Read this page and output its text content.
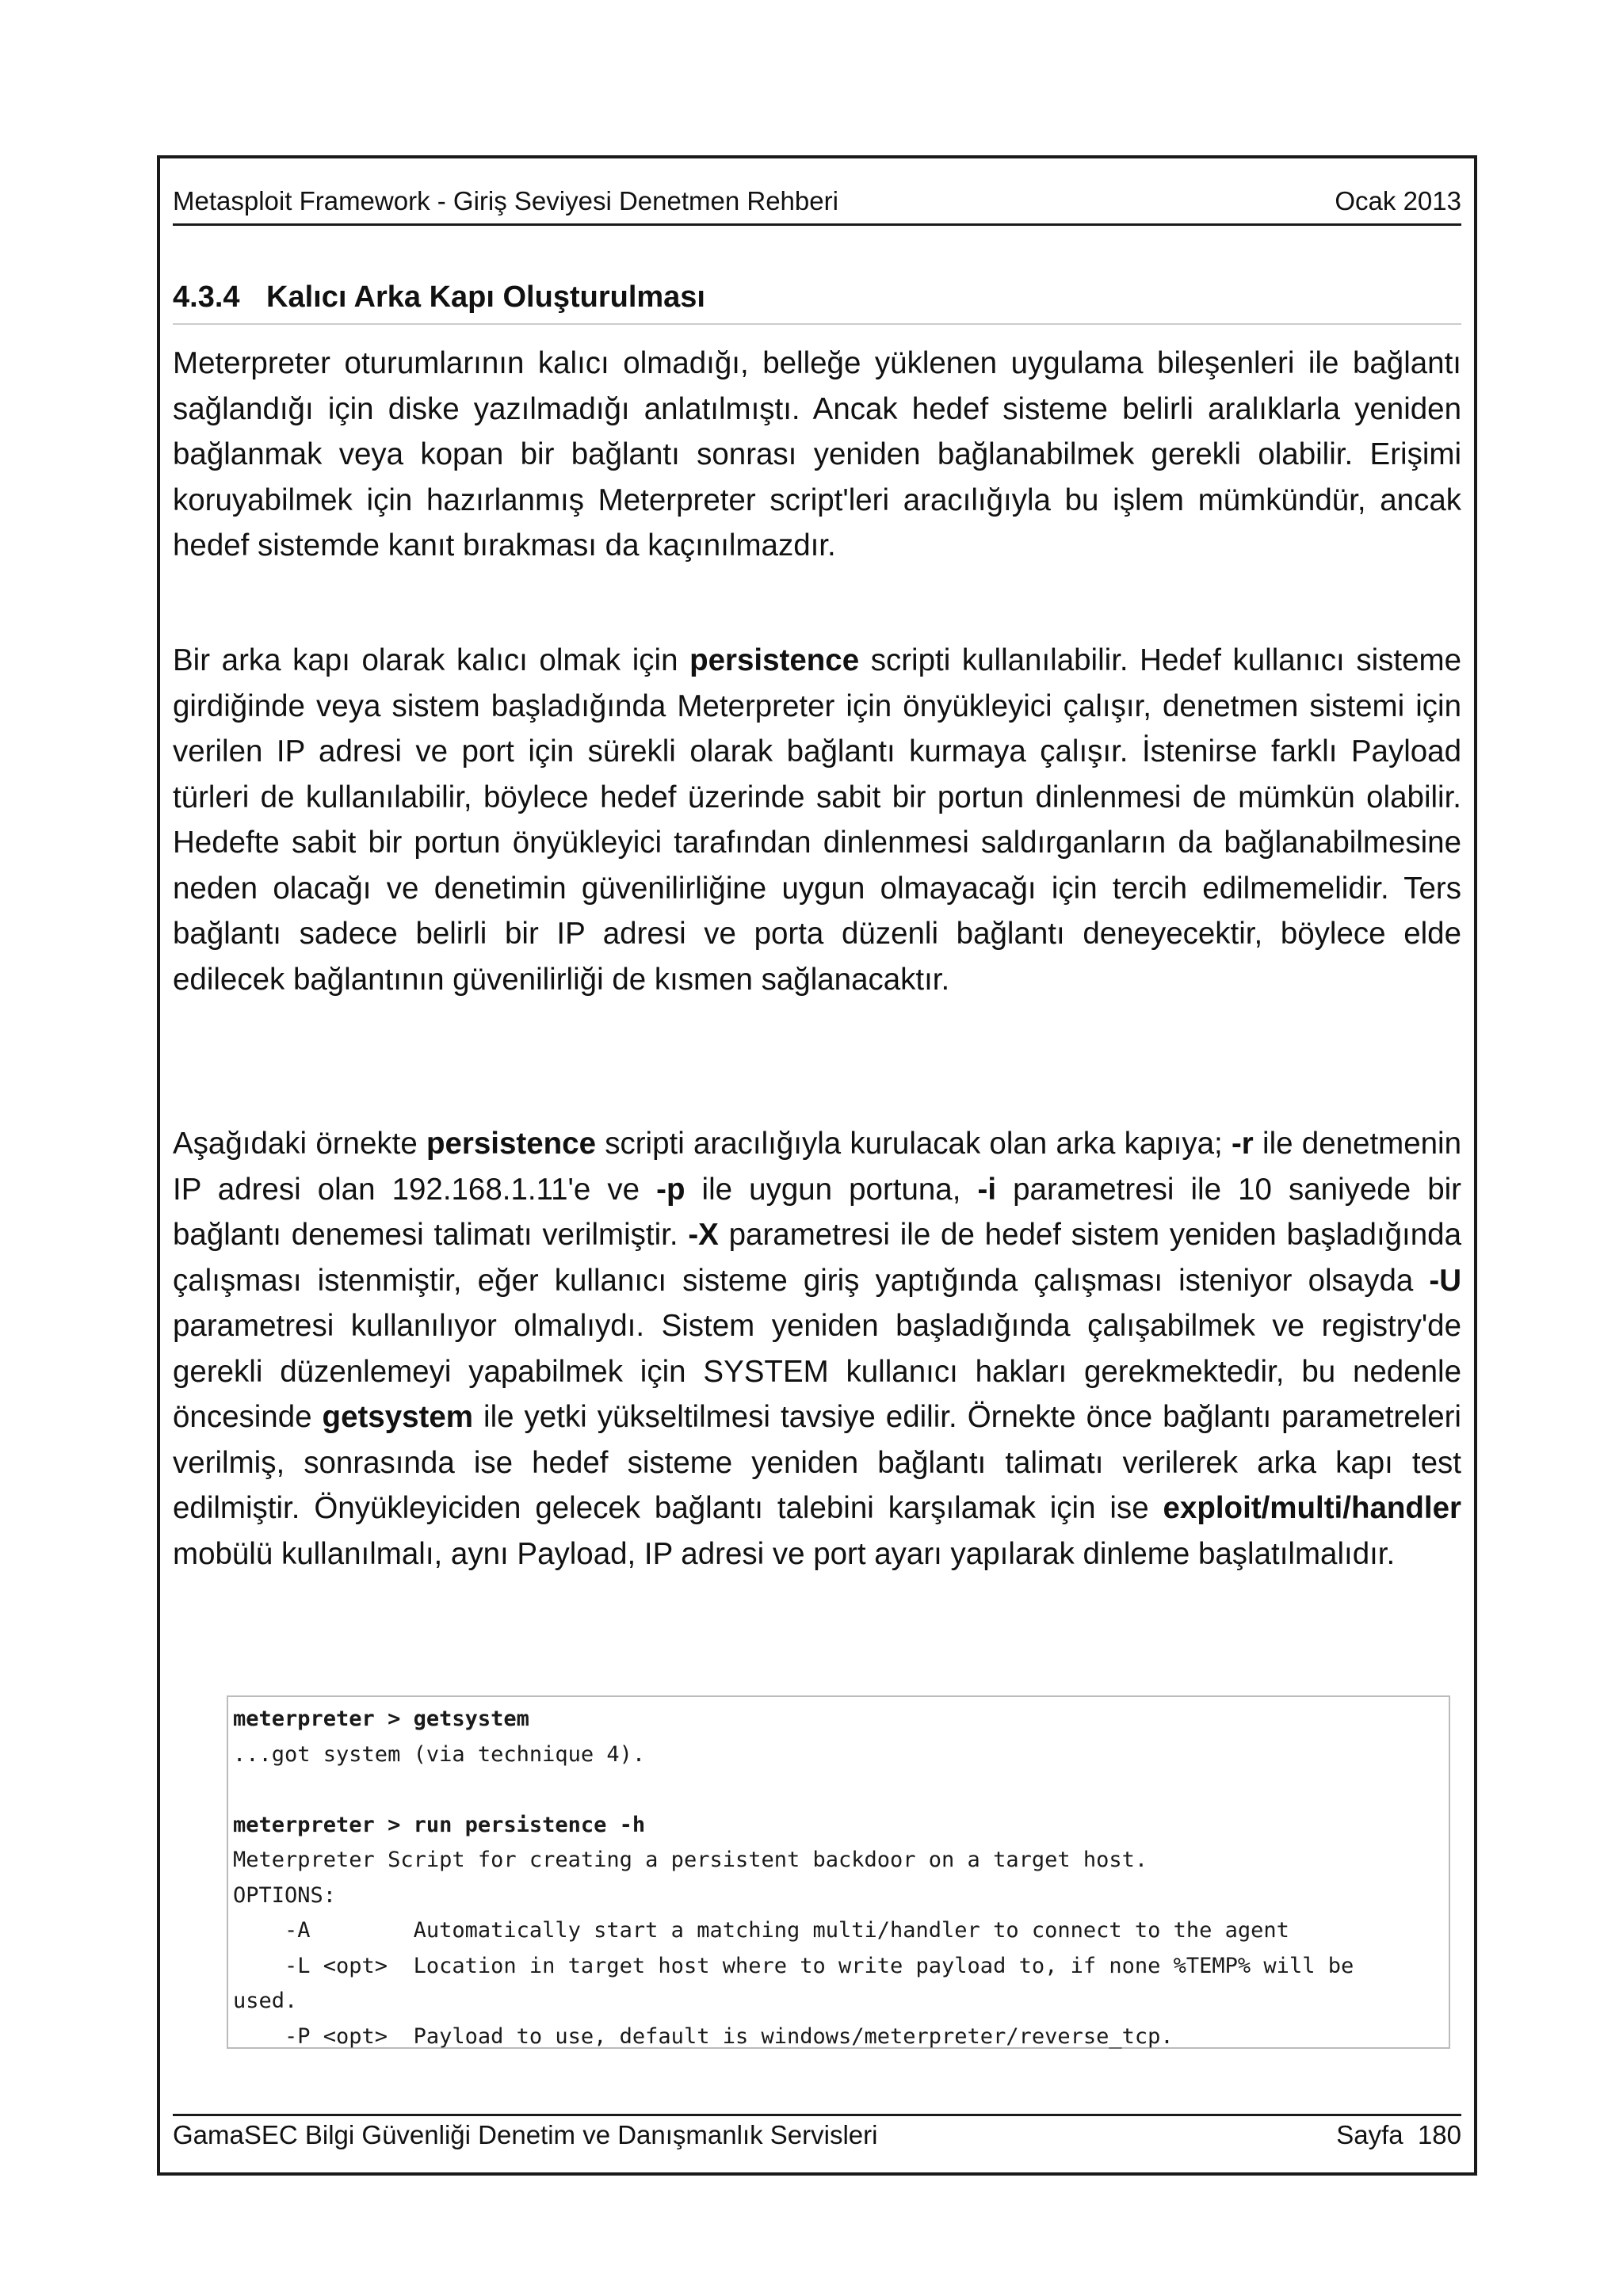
Metasploit Framework - Giriş Seviyesi Denetmen Rehberi	Ocak 2013
4.3.4 Kalıcı Arka Kapı Oluşturulması

Meterpreter oturumlarının kalıcı olmadığı, belleğe yüklenen uygulama bileşenleri ile bağlantı sağlandığı için diske yazılmadığı anlatılmıştı. Ancak hedef sisteme belirli aralıklarla yeniden bağlanmak veya kopan bir bağlantı sonrası yeniden bağlanabilmek gerekli olabilir. Erişimi koruyabilmek için hazırlanmış Meterpreter script'leri aracılığıyla bu işlem mümkündür, ancak hedef sistemde kanıt bırakması da kaçınılmazdır.

Bir arka kapı olarak kalıcı olmak için persistence scripti kullanılabilir. Hedef kullanıcı sisteme girdiğinde veya sistem başladığında Meterpreter için önyükleyici çalışır, denetmen sistemi için verilen IP adresi ve port için sürekli olarak bağlantı kurmaya çalışır. İstenirse farklı Payload türleri de kullanılabilir, böylece hedef üzerinde sabit bir portun dinlenmesi de mümkün olabilir. Hedefte sabit bir portun önyükleyici tarafından dinlenmesi saldırganların da bağlanabilmesine neden olacağı ve denetimin güvenilirliğine uygun olmayacağı için tercih edilmemelidir. Ters bağlantı sadece belirli bir IP adresi ve porta düzenli bağlantı deneyecektir, böylece elde edilecek bağlantının güvenilirliği de kısmen sağlanacaktır.

Aşağıdaki örnekte persistence scripti aracılığıyla kurulacak olan arka kapıya; -r ile denetmenin IP adresi olan 192.168.1.11'e ve -p ile uygun portuna, -i parametresi ile 10 saniyede bir bağlantı denemesi talimatı verilmiştir. -X parametresi ile de hedef sistem yeniden başladığında çalışması istenmiştir, eğer kullanıcı sisteme giriş yaptığında çalışması isteniyor olsayda -U parametresi kullanılıyor olmalıydı. Sistem yeniden başladığında çalışabilmek ve registry'de gerekli düzenlemeyi yapabilmek için SYSTEM kullanıcı hakları gerekmektedir, bu nedenle öncesinde getsystem ile yetki yükseltilmesi tavsiye edilir. Örnekte önce bağlantı parametreleri verilmiş, sonrasında ise hedef sisteme yeniden bağlantı talimatı verilerek arka kapı test edilmiştir. Önyükleyiciden gelecek bağlantı talebini karşılamak için ise exploit/multi/handler mobülü kullanılmalı, aynı Payload, IP adresi ve port ayarı yapılarak dinleme başlatılmalıdır.

meterpreter > getsystem
...got system (via technique 4).
meterpreter > run persistence -h
Meterpreter Script for creating a persistent backdoor on a target host.
OPTIONS:
-A        Automatically start a matching multi/handler to connect to the agent
-L <opt>  Location in target host where to write payload to, if none %TEMP% will be
used.
-P <opt>  Payload to use, default is windows/meterpreter/reverse_tcp.
GamaSEC Bilgi Güvenliği Denetim ve Danışmanlık Servisleri	Sayfa 180
